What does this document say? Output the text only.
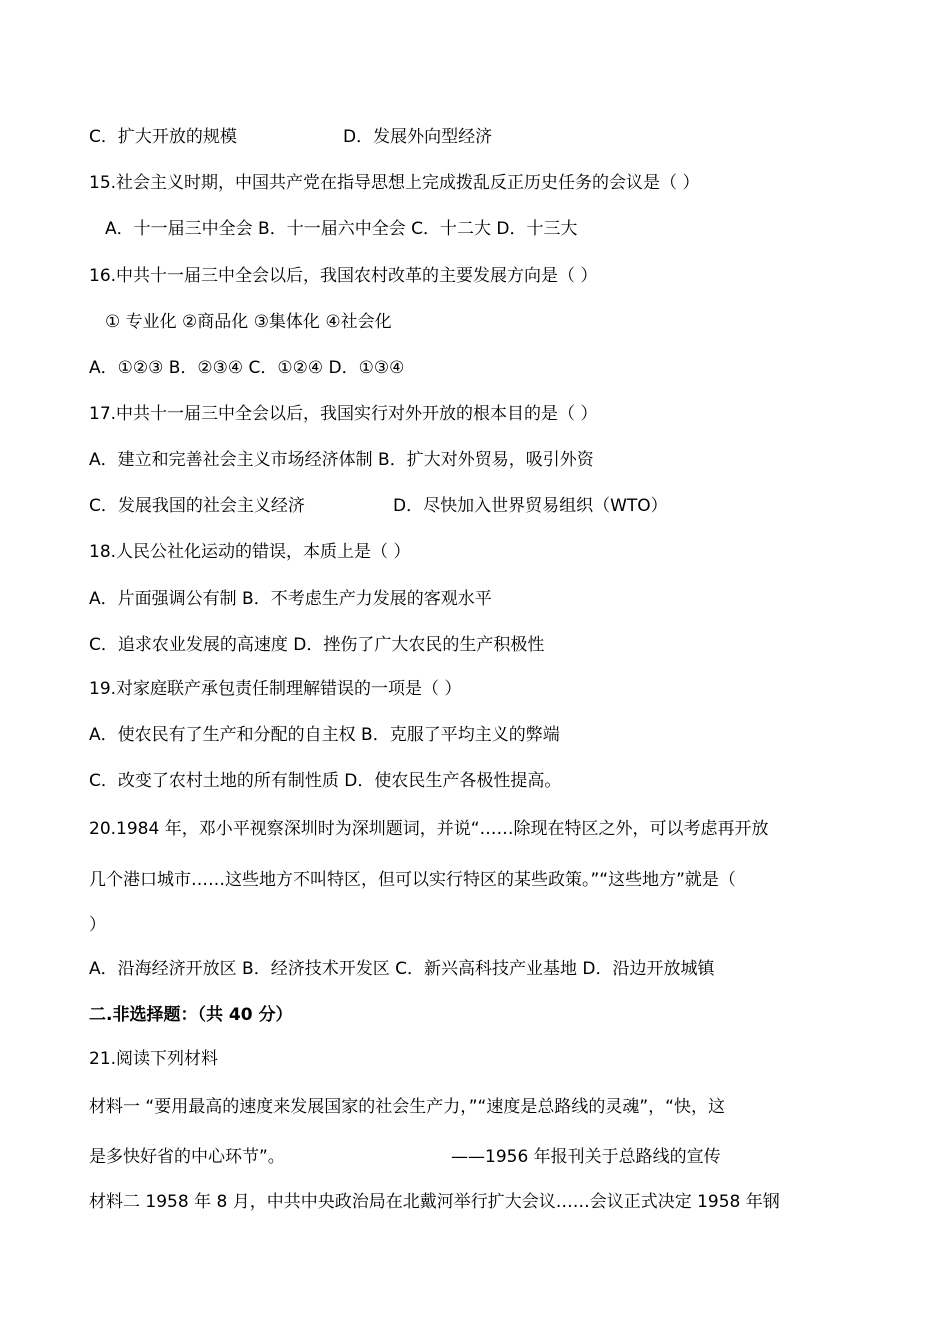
C．扩大开放的规模	D．发展外向型经济
15.社会主义时期，中国共产党在指导思想上完成拨乱反正历史任务的会议是（ ）
A．十一届三中全会 B．十一届六中全会 C．十二大 D．十三大
16.中共十一届三中全会以后，我国农村改革的主要发展方向是（ ）
① 专业化 ②商品化 ③集体化 ④社会化
A．①②③ B．②③④ C．①②④ D．①③④
17.中共十一届三中全会以后，我国实行对外开放的根本目的是（ ）
A．建立和完善社会主义市场经济体制 B．扩大对外贸易，吸引外资
C．发展我国的社会主义经济	D．尽快加入世界贸易组织（WTO）
18.人民公社化运动的错误，本质上是（ ）
A．片面强调公有制 B．不考虑生产力发展的客观水平
C．追求农业发展的高速度 D．挫伤了广大农民的生产积极性
19.对家庭联产承包责任制理解错误的一项是（ ）
A．使农民有了生产和分配的自主权 B．克服了平均主义的弊端
C．改变了农村土地的所有制性质 D．使农民生产各极性提高。
20.1984 年，邓小平视察深圳时为深圳题词，并说“……除现在特区之外，可以考虑再开放
几个港口城市……这些地方不叫特区，但可以实行特区的某些政策。”“这些地方”就是（
）
A．沿海经济开放区 B．经济技术开发区 C．新兴高科技产业基地 D．沿边开放城镇
二.非选择题：（共 40 分）
21.阅读下列材料
材料一 “要用最高的速度来发展国家的社会生产力，”“速度是总路线的灵魂”，“快，这
是多快好省的中心环节”。	——1956 年报刊关于总路线的宣传
材料二 1958 年 8 月，中共中央政治局在北戴河举行扩大会议……会议正式决定 1958 年钢
